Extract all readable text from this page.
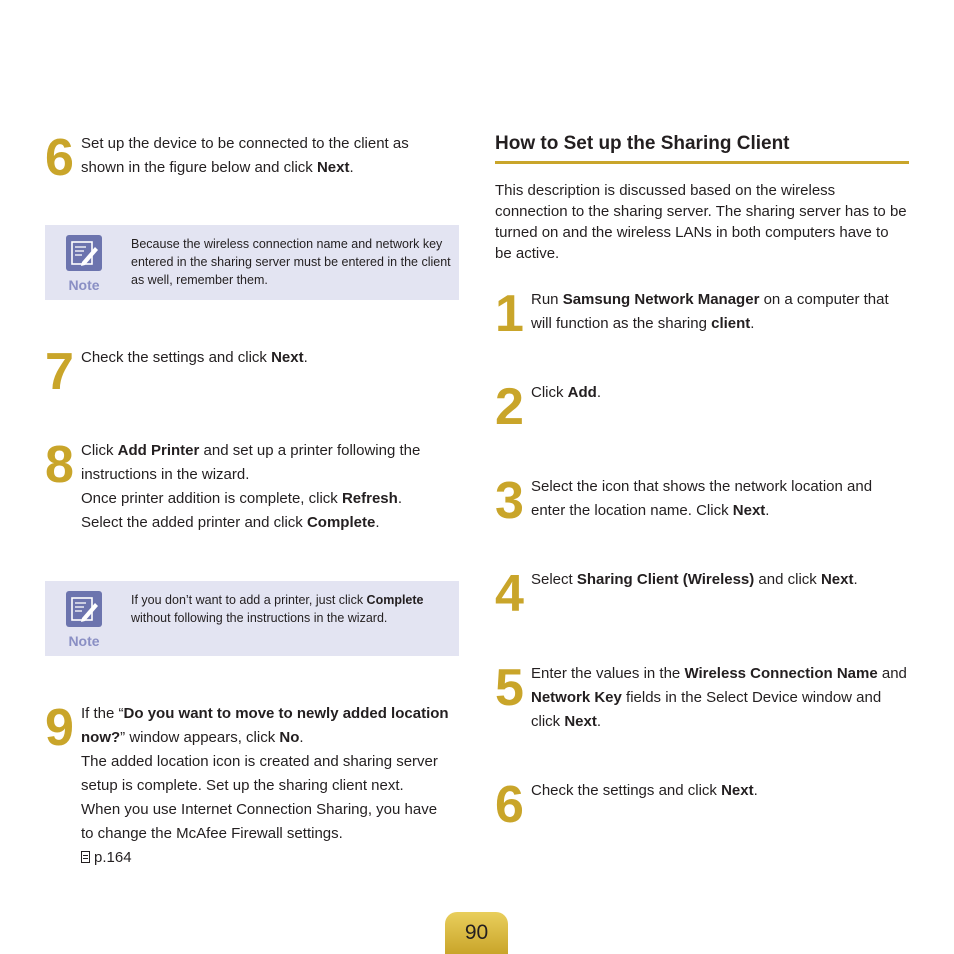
6 Set up the device to be connected to the client as shown in the figure below and click Next.

Note

Because the wireless connection name and network key entered in the sharing server must be entered in the client as well, remember them.

7 Check the settings and click Next.

8 Click Add Printer and set up a printer following the instructions in the wizard.

Once printer addition is complete, click Refresh.

Select the added printer and click Complete.

Note

If you don’t want to add a printer, just click Complete without following the instructions in the wizard.

9 If the “Do you want to move to newly added location now?” window appears, click No.

The added location icon is created and sharing server setup is complete. Set up the sharing client next.

When you use Internet Connection Sharing, you have to change the McAfee Firewall settings.

p.164

How to Set up the Sharing Client
This description is discussed based on the wireless connection to the sharing server. The sharing server has to be turned on and the wireless LANs in both computers have to be active.
1 Run Samsung Network Manager on a computer that will function as the sharing client.

2 Click Add.

3 Select the icon that shows the network location and enter the location name. Click Next.

4 Select Sharing Client (Wireless) and click Next.

5 Enter the values in the Wireless Connection Name and Network Key fields in the Select Device window and click Next.

6 Check the settings and click Next.

90
